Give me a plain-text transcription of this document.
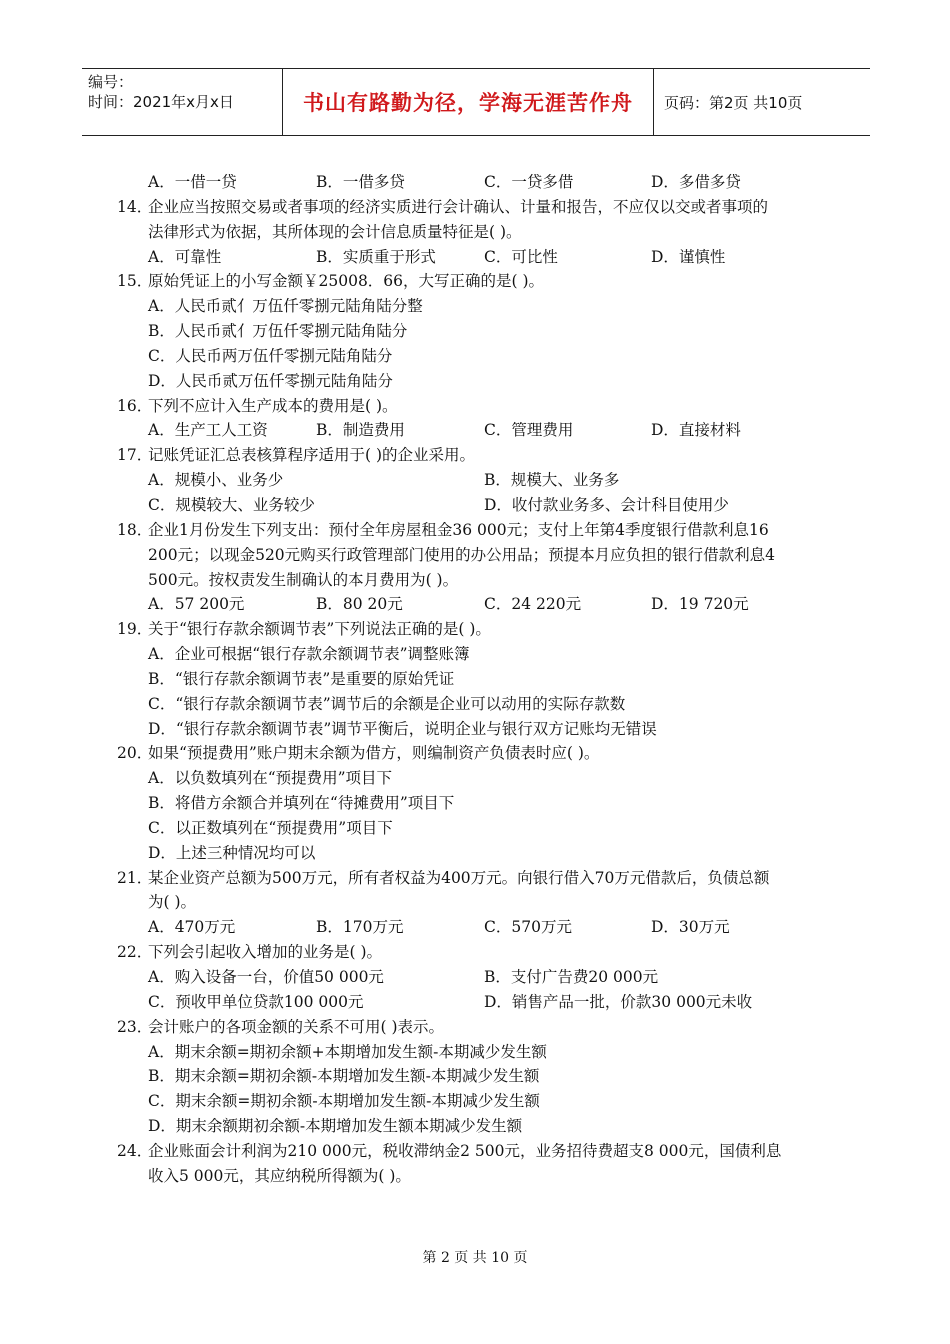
编号：
时间：2021年x月x日	书山有路勤为径，学海无涯苦作舟 页码：第2页 共10页
A．一借一贷	B．一借多贷	C．一贷多借	D．多借多贷
14．
企业应当按照交易或者事项的经济实质进行会计确认、计量和报告，不应仅以交或者事项的
法律形式为依据，其所体现的会计信息质量特征是( )。
A．可靠性	B．实质重于形式	C．可比性	D．谨慎性
15．
原始凭证上的小写金额￥25008．66，大写正确的是( )。
A．人民币贰亻万伍仟零捌元陆角陆分整
B．人民币贰亻万伍仟零捌元陆角陆分
C．人民币两万伍仟零捌元陆角陆分
D．人民币贰万伍仟零捌元陆角陆分
16．
下列不应计入生产成本的费用是( )。
A．生产工人工资	B．制造费用	C．管理费用	D．直接材料
17．
记账凭证汇总表核算程序适用于( )的企业采用。
A．规模小、业务少	B．规模大、业务多
C．规模较大、业务较少	D．收付款业务多、会计科目使用少
18．
企业1月份发生下列支出：预付全年房屋租金36 000元；支付上年第4季度银行借款利息16
200元；以现金520元购买行政管理部门使用的办公用品；预提本月应负担的银行借款利息4
500元。按权责发生制确认的本月费用为( )。
A．57 200元	B．80 20元	C．24 220元	D．19 720元
19．
关于“银行存款余额调节表”下列说法正确的是( )。
A．企业可根据“银行存款余额调节表”调整账簿
B．“银行存款余额调节表”是重要的原始凭证
C．“银行存款余额调节表”调节后的余额是企业可以动用的实际存款数
D．“银行存款余额调节表”调节平衡后，说明企业与银行双方记账均无错误
20．
如果“预提费用”账户期末余额为借方，则编制资产负债表时应( )。
A．以负数填列在“预提费用”项目下
B．将借方余额合并填列在“待摊费用”项目下
C．以正数填列在“预提费用”项目下
D．上述三种情况均可以
21．
某企业资产总额为500万元，所有者权益为400万元。向银行借入70万元借款后，负债总额
为( )。
A．470万元	B．170万元	C．570万元	D．30万元
22．
下列会引起收入增加的业务是( )。
A．购入设备一台，价值50 000元	B．支付广告费20 000元
C．预收甲单位贷款100 000元	D．销售产品一批，价款30 000元未收
23．
会计账户的各项金额的关系不可用( )表示。
A．期末余额=期初余额+本期增加发生额-本期减少发生额
B．期末余额=期初余额-本期增加发生额-本期减少发生额
C．期末余额=期初余额-本期增加发生额-本期减少发生额
D．期末余额期初余额-本期增加发生额本期减少发生额
24．
企业账面会计利润为210 000元，税收滞纳金2 500元，业务招待费超支8 000元，国债利息
收入5 000元，其应纳税所得额为( )。
第 2 页 共 10 页
